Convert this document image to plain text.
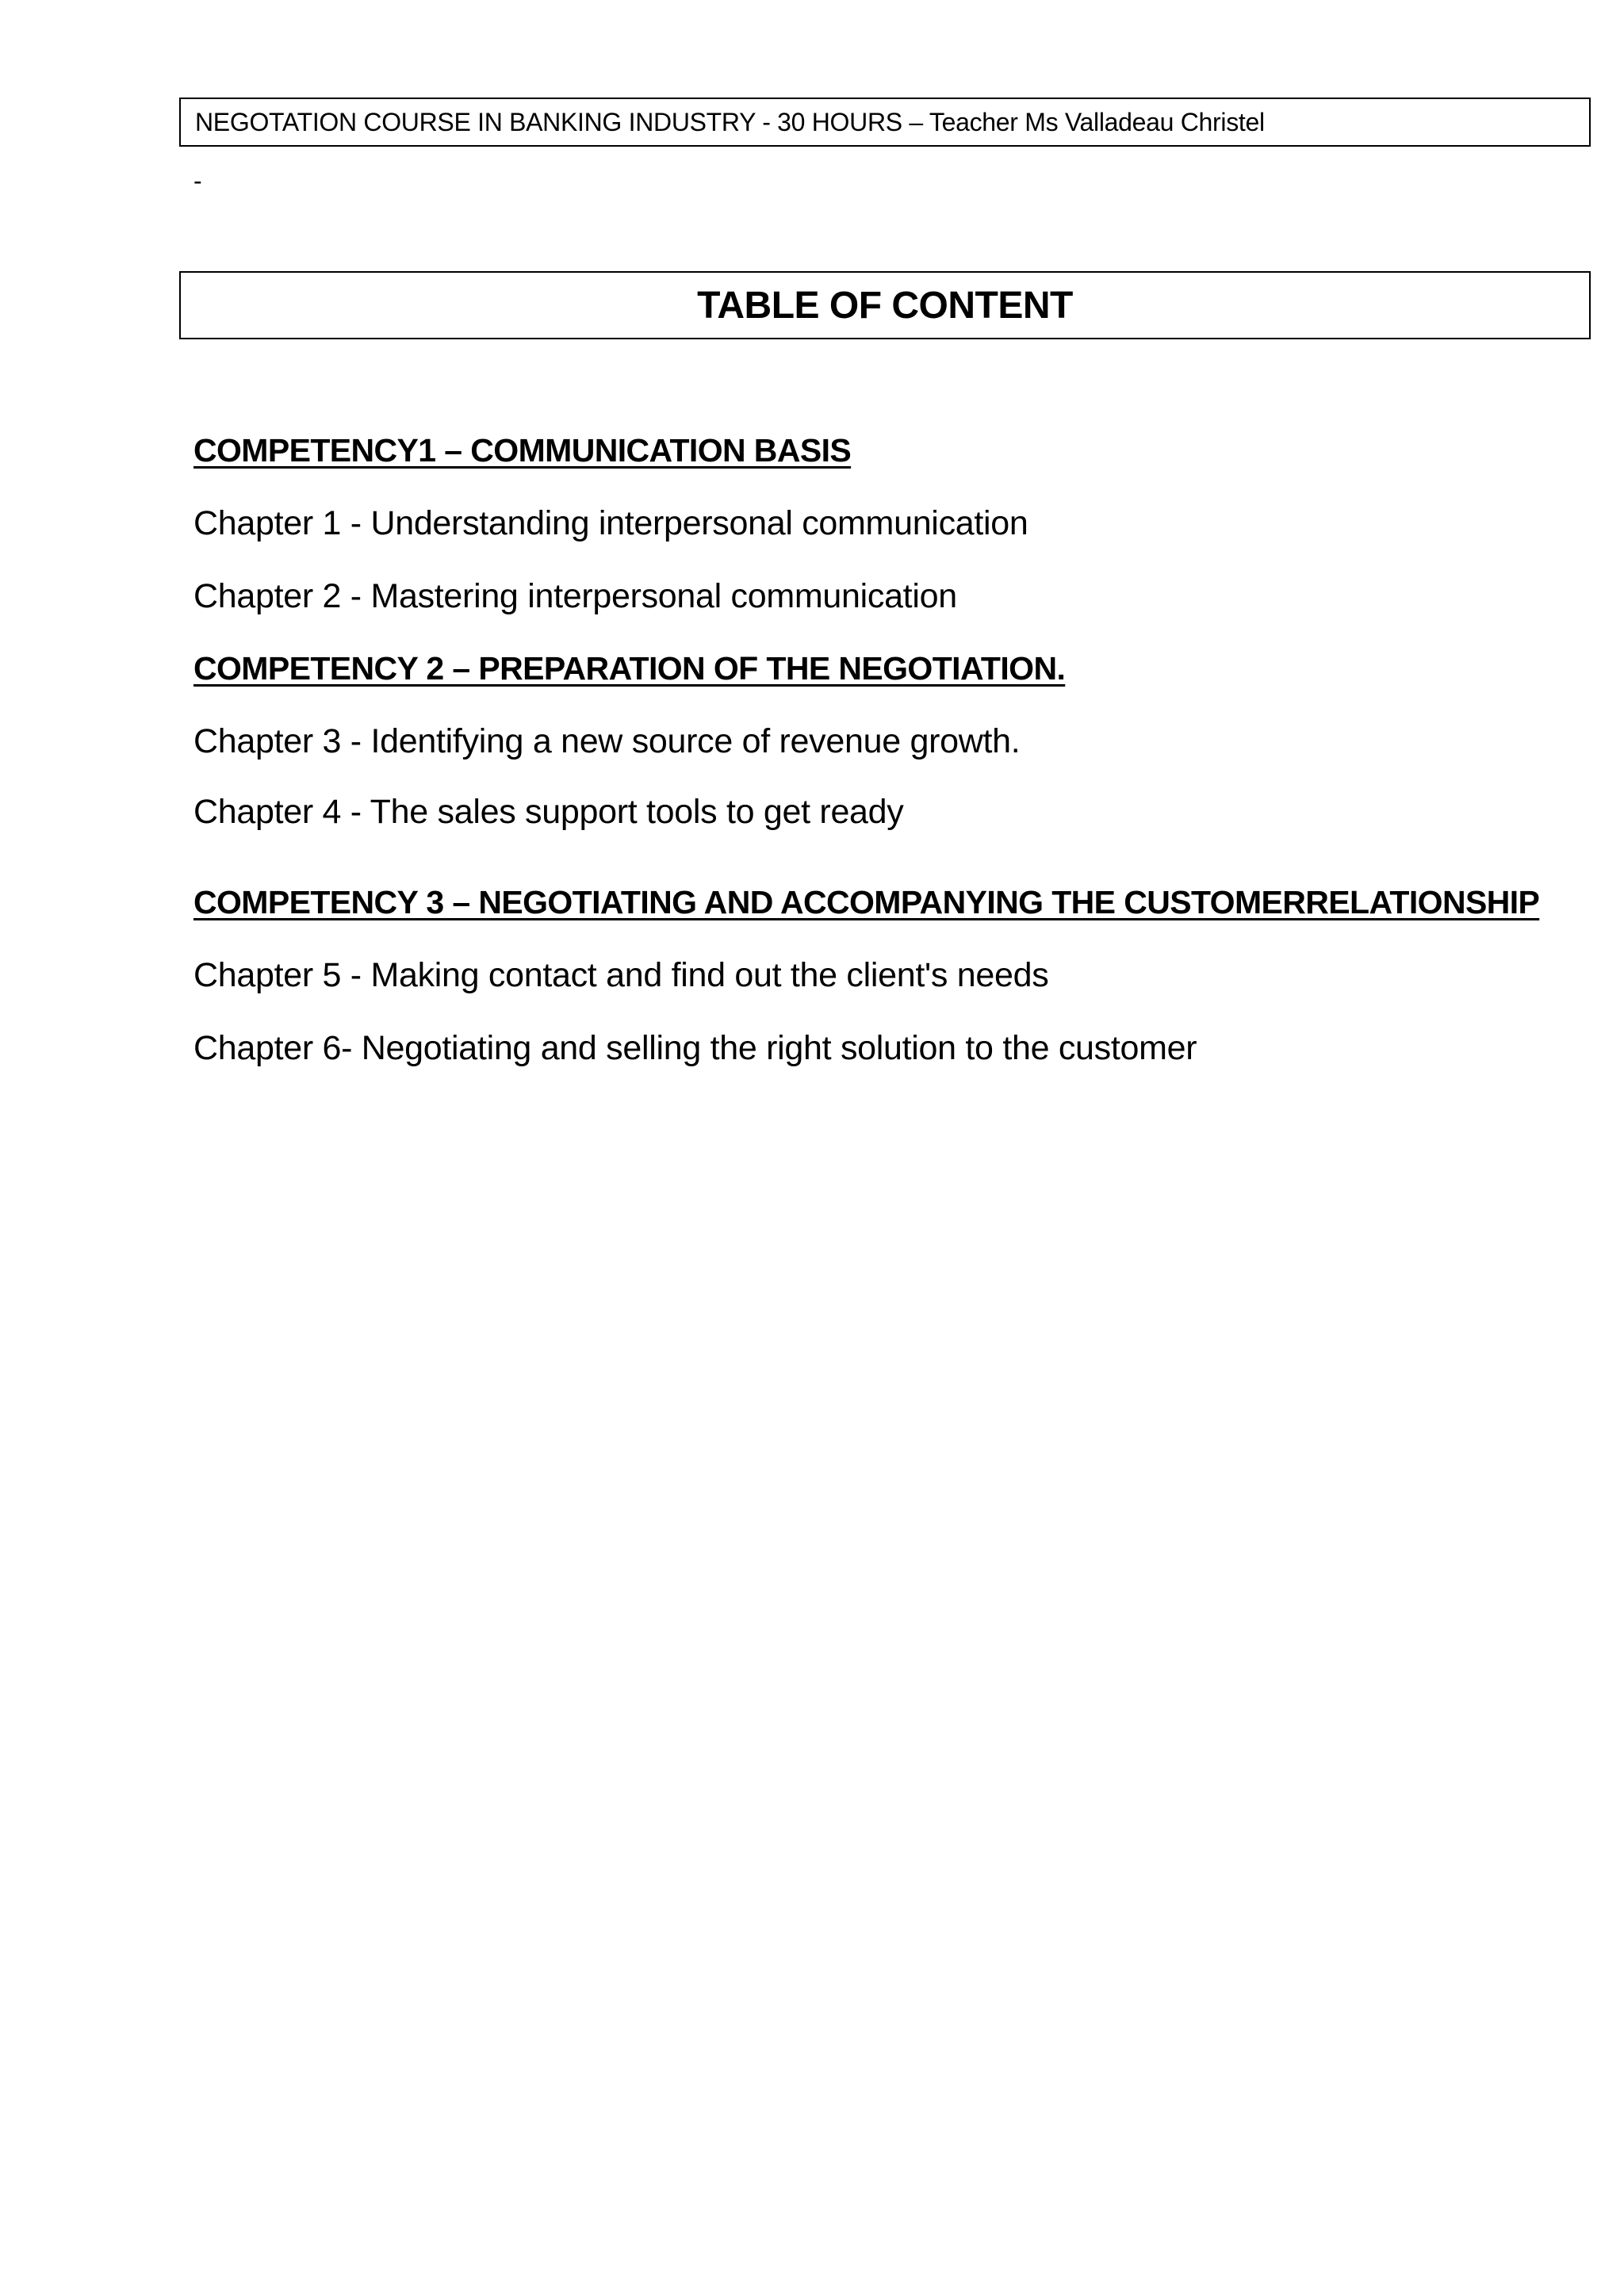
NEGOTATION COURSE IN BANKING INDUSTRY - 30 HOURS – Teacher Ms Valladeau Christel
-
TABLE OF CONTENT
COMPETENCY1 – COMMUNICATION BASIS
Chapter 1 - Understanding interpersonal communication
Chapter 2 - Mastering interpersonal communication
COMPETENCY 2 – PREPARATION OF THE NEGOTIATION.
Chapter 3 - Identifying a new source of revenue growth.
Chapter 4 - The sales support tools to get ready
COMPETENCY 3 – NEGOTIATING AND ACCOMPANYING THE CUSTOMERRELATIONSHIP
Chapter 5 - Making contact and find out the client's needs
Chapter 6- Negotiating and selling the right solution to the customer
